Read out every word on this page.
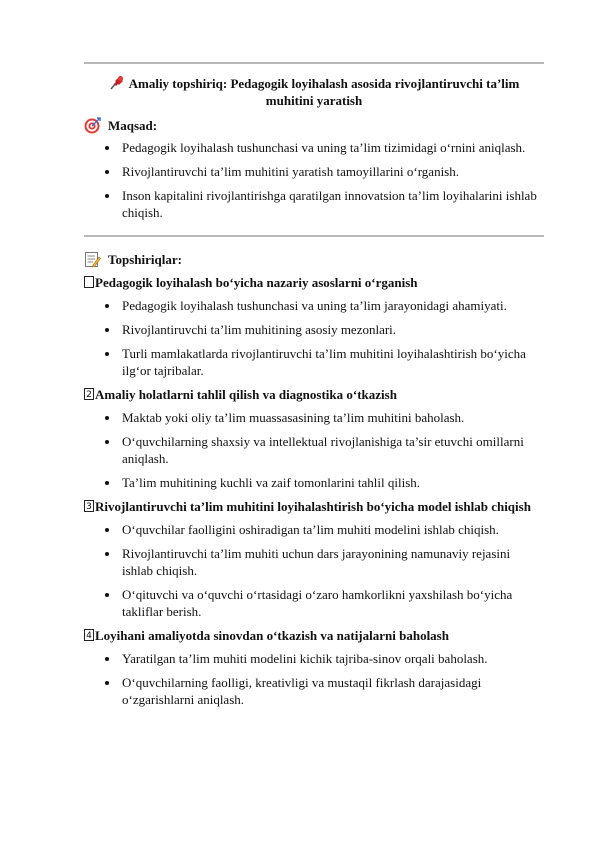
Amaliy topshiriq: Pedagogik loyihalash asosida rivojlantiruvchi ta’lim
muhitini yaratish
Maqsad:
Pedagogik loyihalash tushunchasi va uning ta’lim tizimidagi o‘rnini aniqlash.
Rivojlantiruvchi ta’lim muhitini yaratish tamoyillarini o‘rganish.
Inson kapitalini rivojlantirishga qaratilgan innovatsion ta’lim loyihalarini ishlab chiqish.
Topshiriqlar:
Pedagogik loyihalash bo‘yicha nazariy asoslarni o‘rganish
Pedagogik loyihalash tushunchasi va uning ta’lim jarayonidagi ahamiyati.
Rivojlantiruvchi ta’lim muhitining asosiy mezonlari.
Turli mamlakatlarda rivojlantiruvchi ta’lim muhitini loyihalashtirish bo‘yicha ilg‘or tajribalar.
2 Amaliy holatlarni tahlil qilish va diagnostika o‘tkazish
Maktab yoki oliy ta’lim muassasasining ta’lim muhitini baholash.
O‘quvchilarning shaxsiy va intellektual rivojlanishiga ta’sir etuvchi omillarni aniqlash.
Ta’lim muhitining kuchli va zaif tomonlarini tahlil qilish.
3 Rivojlantiruvchi ta’lim muhitini loyihalashtirish bo‘yicha model ishlab chiqish
O‘quvchilar faolligini oshiradigan ta’lim muhiti modelini ishlab chiqish.
Rivojlantiruvchi ta’lim muhiti uchun dars jarayonining namunaviy rejasini ishlab chiqish.
O‘qituvchi va o‘quvchi o‘rtasidagi o‘zaro hamkorlikni yaxshilash bo‘yicha takliflar berish.
4 Loyihani amaliyotda sinovdan o‘tkazish va natijalarni baholash
Yaratilgan ta’lim muhiti modelini kichik tajriba-sinov orqali baholash.
O‘quvchilarning faolligi, kreativligi va mustaqil fikrlash darajasidagi o‘zgarishlarni aniqlash.
